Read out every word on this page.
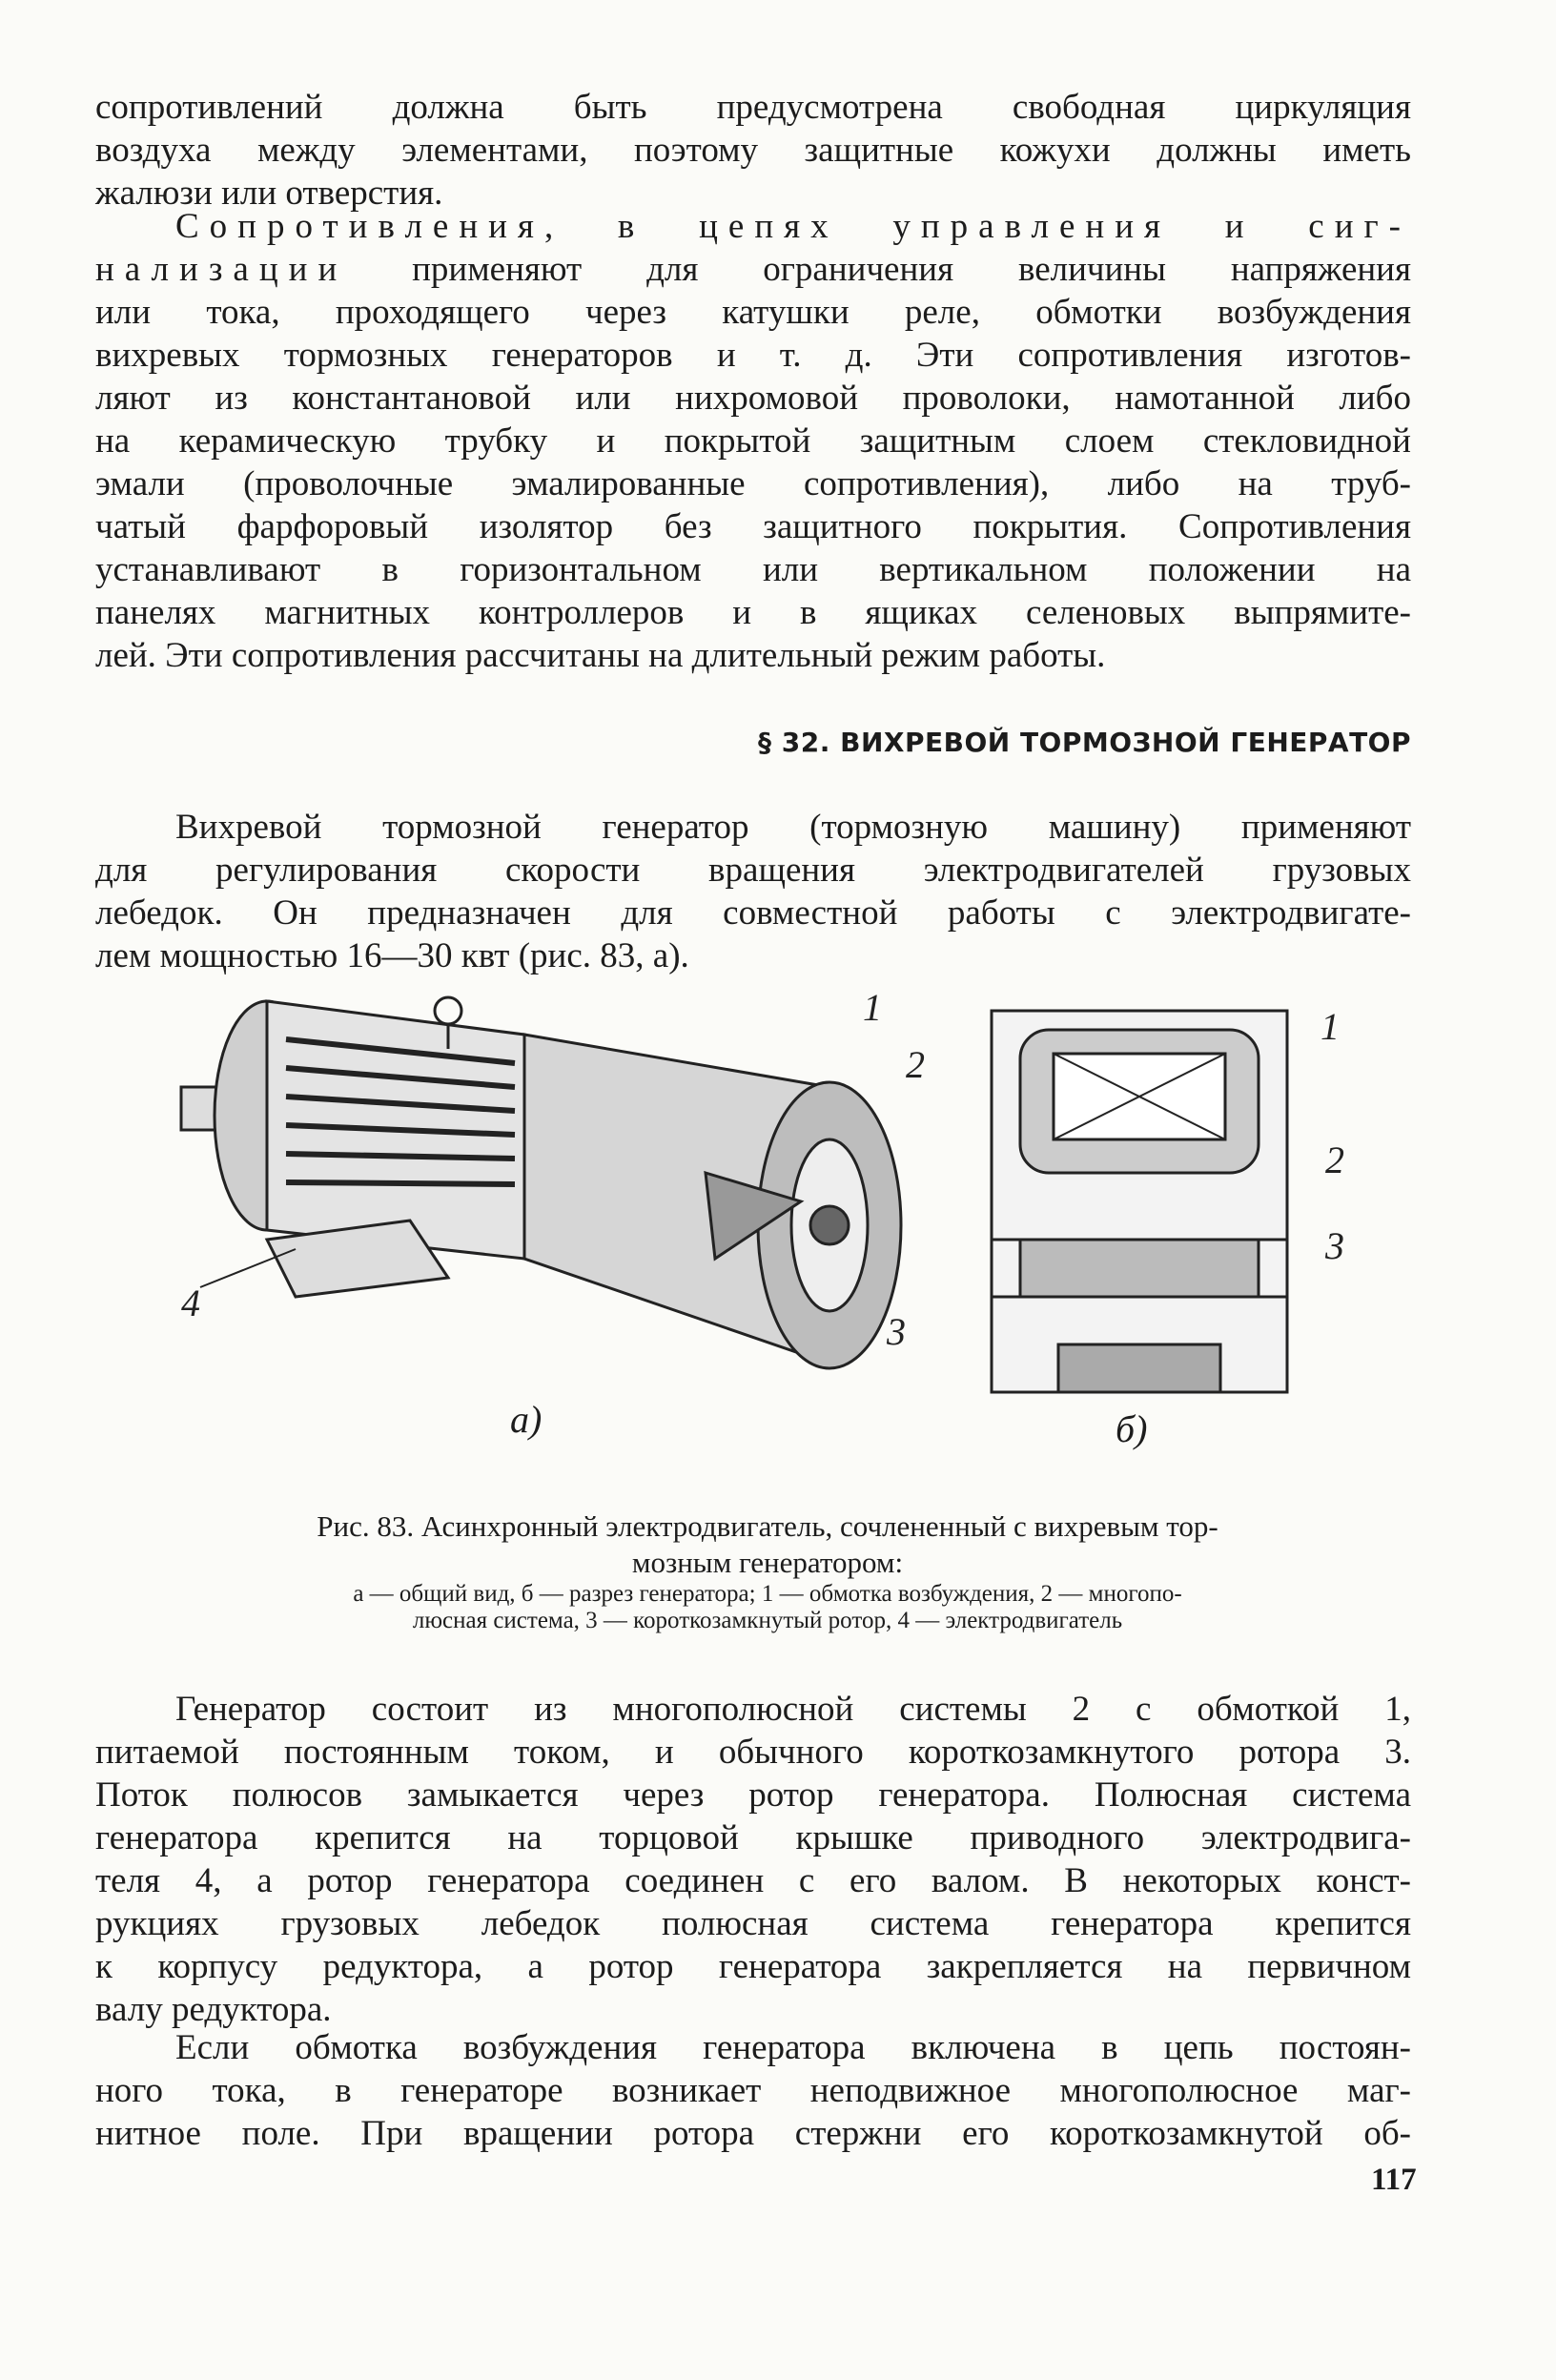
сопротивлений должна быть предусмотрена свободная циркуляция
воздуха между элементами, поэтому защитные кожухи должны иметь
жалюзи или отверстия.
Сопротивления, в цепях управления и сиг-
нализации применяют для ограничения величины напряжения
или тока, проходящего через катушки реле, обмотки возбуждения
вихревых тормозных генераторов и т. д. Эти сопротивления изготов-
ляют из константановой или нихромовой проволоки, намотанной либо
на керамическую трубку и покрытой защитным слоем стекловидной
эмали (проволочные эмалированные сопротивления), либо на труб-
чатый фарфоровый изолятор без защитного покрытия. Сопротивления
устанавливают в горизонтальном или вертикальном положении на
панелях магнитных контроллеров и в ящиках селеновых выпрямите-
лей. Эти сопротивления рассчитаны на длительный режим работы.
§ 32. ВИХРЕВОЙ ТОРМОЗНОЙ ГЕНЕРАТОР
Вихревой тормозной генератор (тормозную машину) применяют
для регулирования скорости вращения электродвигателей грузовых
лебедок. Он предназначен для совместной работы с электродвигате-
лем мощностью 16—30 квт (рис. 83, а).
1
2
3
4
1
2
3
а)	б)
Рис. 83. Асинхронный электродвигатель, сочлененный с вихревым тор-
мозным генератором:
а — общий вид, б — разрез генератора; 1 — обмотка возбуждения, 2 — многопо-
люсная система, 3 — короткозамкнутый ротор, 4 — электродвигатель
Генератор состоит из многополюсной системы 2 с обмоткой 1,
питаемой постоянным током, и обычного короткозамкнутого ротора 3.
Поток полюсов замыкается через ротор генератора. Полюсная система
генератора крепится на торцовой крышке приводного электродвига-
теля 4, а ротор генератора соединен с его валом. В некоторых конст-
рукциях грузовых лебедок полюсная система генератора крепится
к корпусу редуктора, а ротор генератора закрепляется на первичном
валу редуктора.
Если обмотка возбуждения генератора включена в цепь постоян-
ного тока, в генераторе возникает неподвижное многополюсное маг-
нитное поле. При вращении ротора стержни его короткозамкнутой об-
117
